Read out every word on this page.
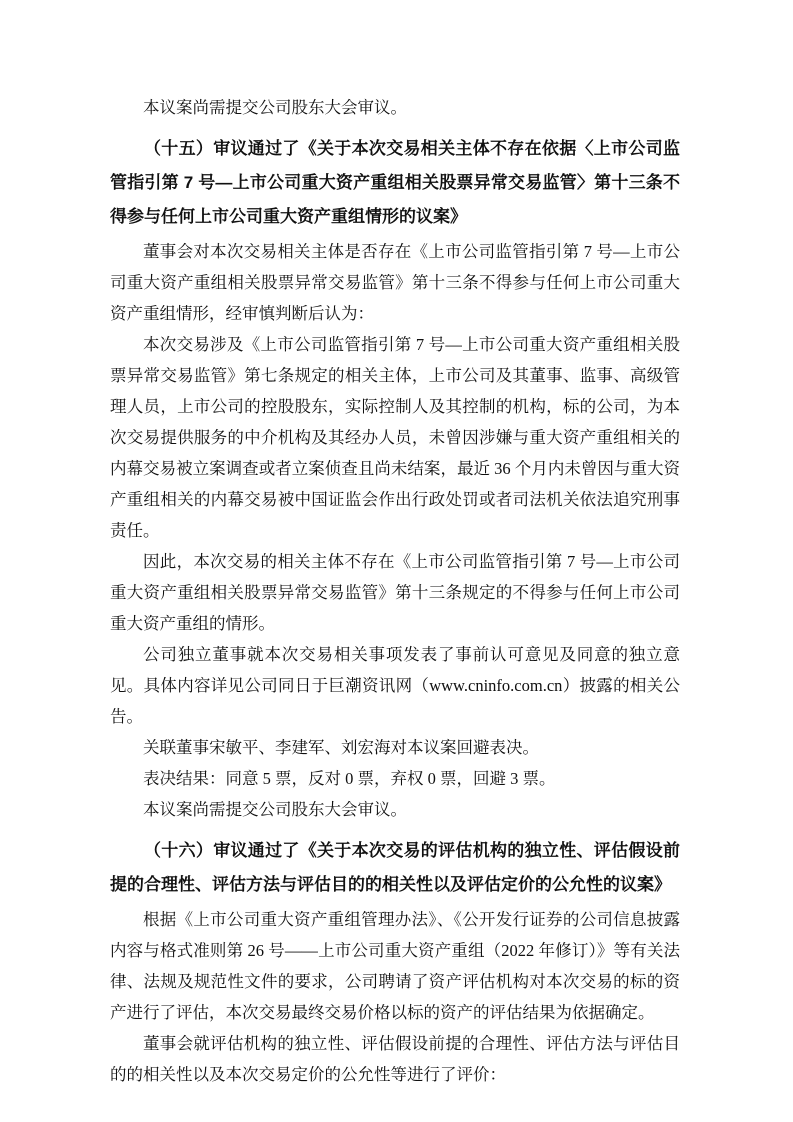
本议案尚需提交公司股东大会审议。

（十五）审议通过了《关于本次交易相关主体不存在依据〈上市公司监管指引第 7 号—上市公司重大资产重组相关股票异常交易监管〉第十三条不得参与任何上市公司重大资产重组情形的议案》

董事会对本次交易相关主体是否存在《上市公司监管指引第 7 号—上市公司重大资产重组相关股票异常交易监管》第十三条不得参与任何上市公司重大资产重组情形，经审慎判断后认为：

本次交易涉及《上市公司监管指引第 7 号—上市公司重大资产重组相关股票异常交易监管》第七条规定的相关主体，上市公司及其董事、监事、高级管理人员，上市公司的控股股东，实际控制人及其控制的机构，标的公司，为本次交易提供服务的中介机构及其经办人员，未曾因涉嫌与重大资产重组相关的内幕交易被立案调查或者立案侦查且尚未结案，最近 36 个月内未曾因与重大资产重组相关的内幕交易被中国证监会作出行政处罚或者司法机关依法追究刑事责任。

因此，本次交易的相关主体不存在《上市公司监管指引第 7 号—上市公司重大资产重组相关股票异常交易监管》第十三条规定的不得参与任何上市公司重大资产重组的情形。

公司独立董事就本次交易相关事项发表了事前认可意见及同意的独立意见。具体内容详见公司同日于巨潮资讯网（www.cninfo.com.cn）披露的相关公告。

关联董事宋敏平、李建军、刘宏海对本议案回避表决。

表决结果：同意 5 票，反对 0 票，弃权 0 票，回避 3 票。

本议案尚需提交公司股东大会审议。

（十六）审议通过了《关于本次交易的评估机构的独立性、评估假设前提的合理性、评估方法与评估目的的相关性以及评估定价的公允性的议案》

根据《上市公司重大资产重组管理办法》、《公开发行证券的公司信息披露内容与格式准则第 26 号——上市公司重大资产重组（2022 年修订）》等有关法律、法规及规范性文件的要求，公司聘请了资产评估机构对本次交易的标的资产进行了评估，本次交易最终交易价格以标的资产的评估结果为依据确定。

董事会就评估机构的独立性、评估假设前提的合理性、评估方法与评估目的的相关性以及本次交易定价的公允性等进行了评价：
